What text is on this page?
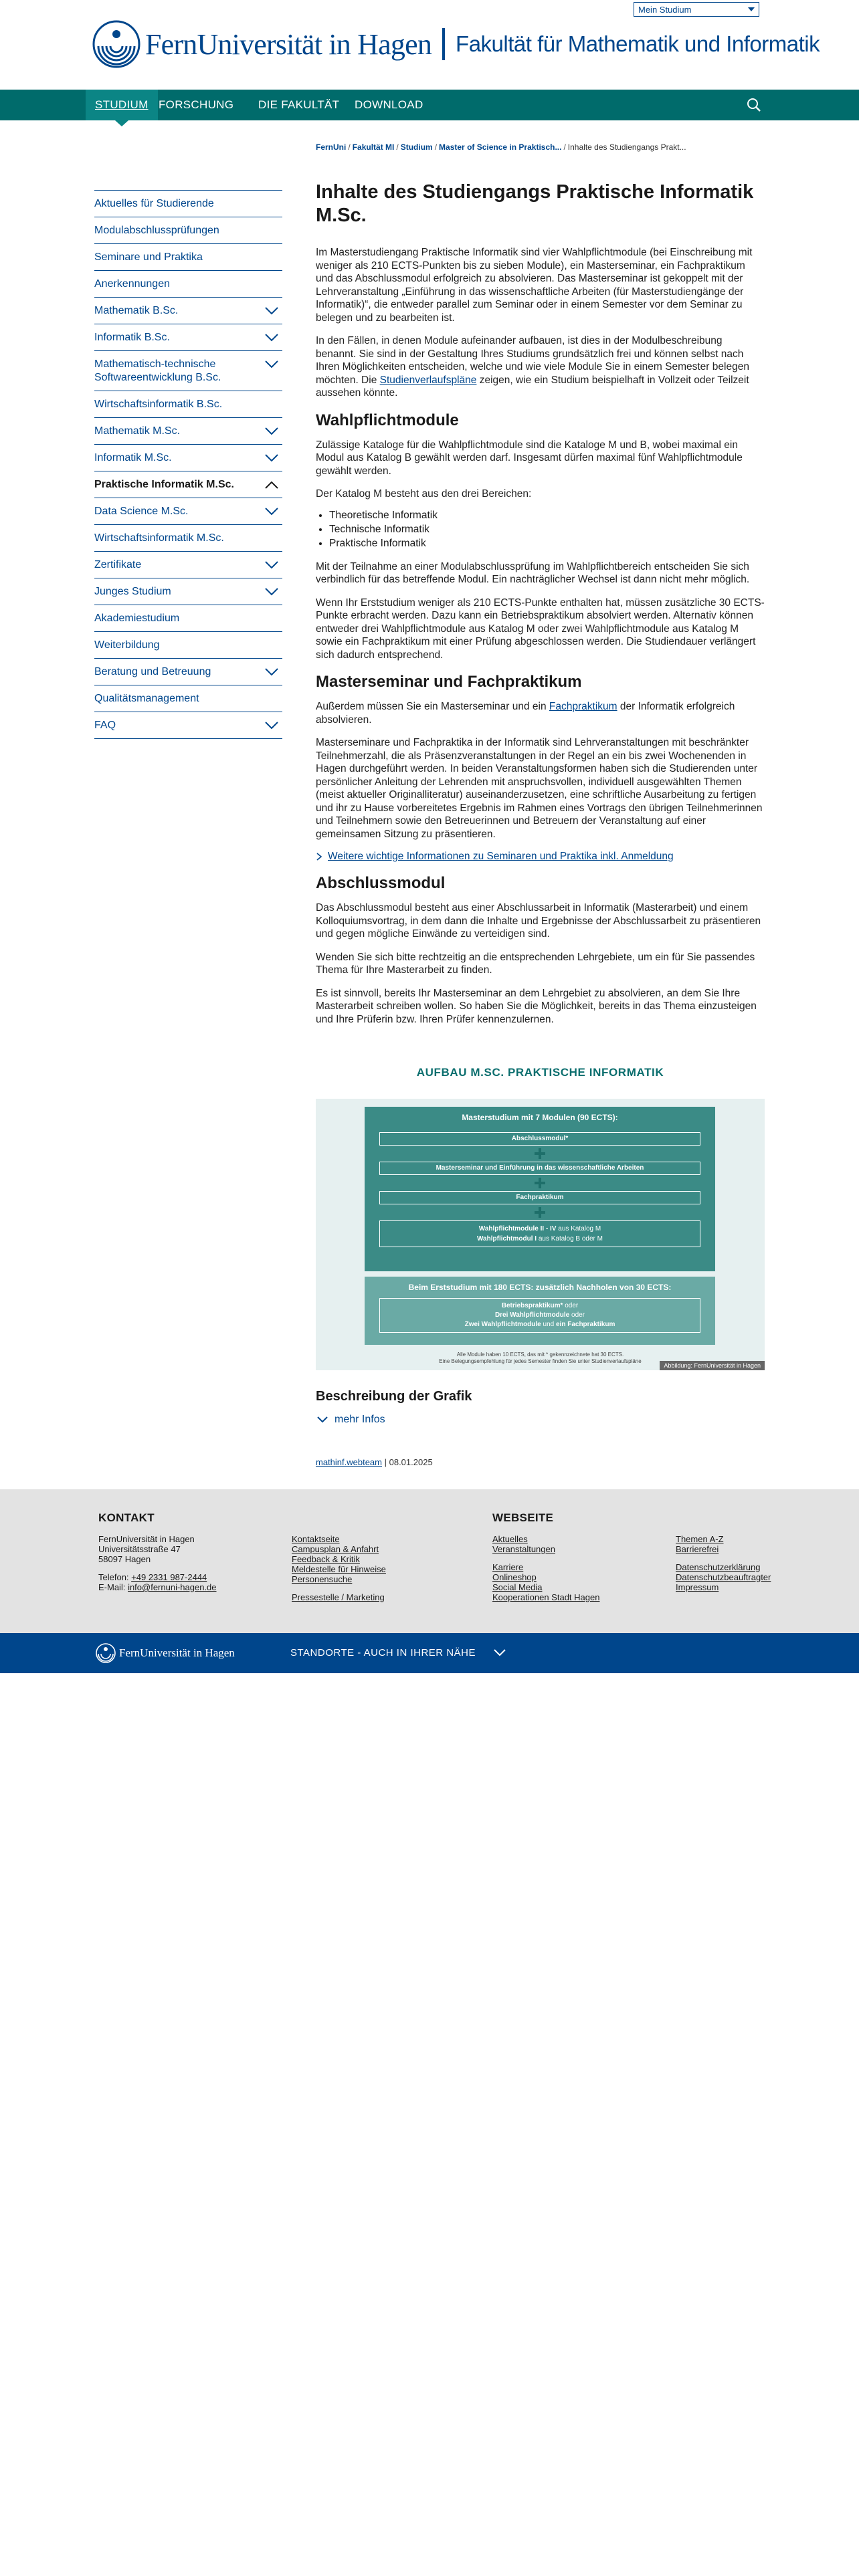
FernUniversität in Hagen Fakultät für Mathematik und Informatik
Mein Studium
STUDIUM FORSCHUNG DIE FAKULTÄT DOWNLOAD
FernUni / Fakultät MI / Studium / Master of Science in Praktisch... / Inhalte des Studiengangs Prakt...
Aktuelles für Studierende
Modulabschlussprüfungen
Seminare und Praktika
Anerkennungen
Mathematik B.Sc.
Informatik B.Sc.
Mathematisch-technische Softwareentwicklung B.Sc.
Wirtschaftsinformatik B.Sc.
Mathematik M.Sc.
Informatik M.Sc.
Praktische Informatik M.Sc.
Data Science M.Sc.
Wirtschaftsinformatik M.Sc.
Zertifikate
Junges Studium
Akademiestudium
Weiterbildung
Beratung und Betreuung
Qualitätsmanagement
FAQ
Inhalte des Studiengangs Praktische Informatik M.Sc.

Im Masterstudiengang Praktische Informatik sind vier Wahlpflichtmodule (bei Einschreibung mit weniger als 210 ECTS-Punkten bis zu sieben Module), ein Masterseminar, ein Fachpraktikum und das Abschlussmodul erfolgreich zu absolvieren. Das Masterseminar ist gekoppelt mit der Lehrveranstaltung „Einführung in das wissenschaftliche Arbeiten (für Masterstudiengänge der Informatik)“, die entweder parallel zum Seminar oder in einem Semester vor dem Seminar zu belegen und zu bearbeiten ist.

In den Fällen, in denen Module aufeinander aufbauen, ist dies in der Modulbeschreibung benannt. Sie sind in der Gestaltung Ihres Studiums grundsätzlich frei und können selbst nach Ihren Möglichkeiten entscheiden, welche und wie viele Module Sie in einem Semester belegen möchten. Die Studienverlaufspläne zeigen, wie ein Studium beispielhaft in Vollzeit oder Teilzeit aussehen könnte.

Wahlpflichtmodule

Zulässige Kataloge für die Wahlpflichtmodule sind die Kataloge M und B, wobei maximal ein Modul aus Katalog B gewählt werden darf. Insgesamt dürfen maximal fünf Wahlpflichtmodule gewählt werden.

Der Katalog M besteht aus den drei Bereichen:

• Theoretische Informatik
• Technische Informatik
• Praktische Informatik

Mit der Teilnahme an einer Modulabschlussprüfung im Wahlpflichtbereich entscheiden Sie sich verbindlich für das betreffende Modul. Ein nachträglicher Wechsel ist dann nicht mehr möglich.

Wenn Ihr Erststudium weniger als 210 ECTS-Punkte enthalten hat, müssen zusätzliche 30 ECTS-Punkte erbracht werden. Dazu kann ein Betriebspraktikum absolviert werden. Alternativ können entweder drei Wahlpflichtmodule aus Katalog M oder zwei Wahlpflichtmodule aus Katalog M sowie ein Fachpraktikum mit einer Prüfung abgeschlossen werden. Die Studiendauer verlängert sich dadurch entsprechend.

Masterseminar und Fachpraktikum

Außerdem müssen Sie ein Masterseminar und ein Fachpraktikum der Informatik erfolgreich absolvieren.

Masterseminare und Fachpraktika in der Informatik sind Lehrveranstaltungen mit beschränkter Teilnehmerzahl, die als Präsenzveranstaltungen in der Regel an ein bis zwei Wochenenden in Hagen durchgeführt werden. In beiden Veranstaltungsformen haben sich die Studierenden unter persönlicher Anleitung der Lehrenden mit anspruchsvollen, individuell ausgewählten Themen (meist aktueller Originalliteratur) auseinanderzusetzen, eine schriftliche Ausarbeitung zu fertigen und ihr zu Hause vorbereitetes Ergebnis im Rahmen eines Vortrags den übrigen Teilnehmerinnen und Teilnehmern sowie den Betreuerinnen und Betreuern der Veranstaltung auf einer gemeinsamen Sitzung zu präsentieren.

Weitere wichtige Informationen zu Seminaren und Praktika inkl. Anmeldung
Abschlussmodul

Das Abschlussmodul besteht aus einer Abschlussarbeit in Informatik (Masterarbeit) und einem Kolloquiumsvortrag, in dem dann die Inhalte und Ergebnisse der Abschlussarbeit zu präsentieren und gegen mögliche Einwände zu verteidigen sind.

Wenden Sie sich bitte rechtzeitig an die entsprechenden Lehrgebiete, um ein für Sie passendes Thema für Ihre Masterarbeit zu finden.

Es ist sinnvoll, bereits Ihr Masterseminar an dem Lehrgebiet zu absolvieren, an dem Sie Ihre Masterarbeit schreiben wollen. So haben Sie die Möglichkeit, bereits in das Thema einzusteigen und Ihre Prüferin bzw. Ihren Prüfer kennenzulernen.

AUFBAU M.SC. PRAKTISCHE INFORMATIK
Masterstudium mit 7 Modulen (90 ECTS):
Abschlussmodul*
Masterseminar und Einführung in das wissenschaftliche Arbeiten
Fachpraktikum
Wahlpflichtmodule II - IV aus Katalog M
Wahlpflichtmodul I aus Katalog B oder M
Beim Erststudium mit 180 ECTS: zusätzlich Nachholen von 30 ECTS:
Betriebspraktikum* oder
Drei Wahlpflichtmodule oder
Zwei Wahlpflichtmodule und ein Fachpraktikum
Alle Module haben 10 ECTS, das mit * gekennzeichnete hat 30 ECTS.
Eine Belegungsempfehlung für jedes Semester finden Sie unter Studienverlaufspläne
Abbildung: FernUniversität in Hagen
Beschreibung der Grafik
mehr Infos
mathinf.webteam | 08.01.2025
KONTAKT
FernUniversität in Hagen
Universitätsstraße 47
58097 Hagen
Telefon: +49 2331 987-2444
E-Mail: info@fernuni-hagen.de
Kontaktseite
Campusplan & Anfahrt
Feedback & Kritik
Meldestelle für Hinweise
Personensuche
Pressestelle / Marketing
WEBSEITE
Aktuelles
Veranstaltungen
Karriere
Onlineshop
Social Media
Kooperationen Stadt Hagen
Themen A-Z
Barrierefrei
Datenschutzerklärung
Datenschutzbeauftragter
Impressum
FernUniversität in Hagen	STANDORTE - AUCH IN IHRER NÄHE
